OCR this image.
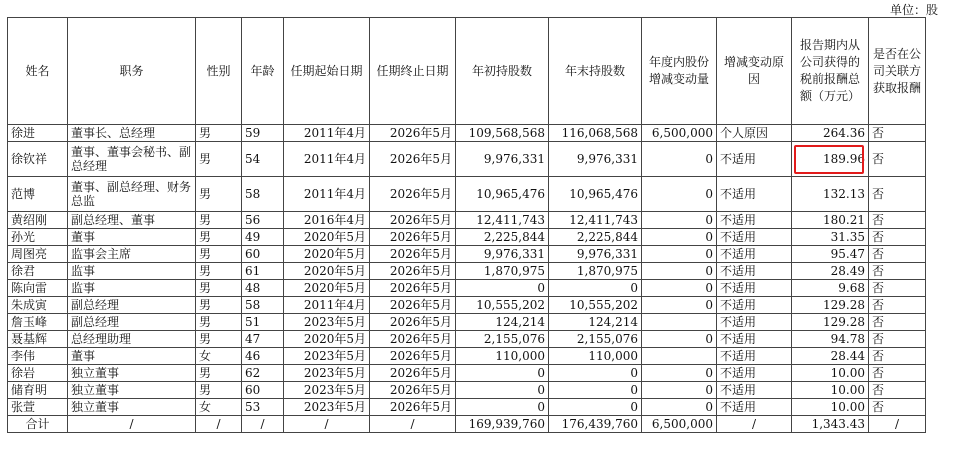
单位：股
姓名	职务	性别	年龄	任期起始日期	任期终止日期	年初持股数	年末持股数	年度内股份增减变动量	增减变动原因	报告期内从公司获得的税前报酬总额（万元）	是否在公司关联方获取报酬
徐进	董事长、总经理	男	59	2011年4月	2026年5月	109,568,568	116,068,568	6,500,000	个人原因	264.36	否
徐钦祥	董事、董事会秘书、副总经理	男	54	2011年4月	2026年5月	9,976,331	9,976,331	0	不适用	189.96	否
范博	董事、副总经理、财务总监	男	58	2011年4月	2026年5月	10,965,476	10,965,476	0	不适用	132.13	否
黄绍刚	副总经理、董事	男	56	2016年4月	2026年5月	12,411,743	12,411,743	0	不适用	180.21	否
孙光	董事	男	49	2020年5月	2026年5月	2,225,844	2,225,844	0	不适用	31.35	否
周图亮	监事会主席	男	60	2020年5月	2026年5月	9,976,331	9,976,331	0	不适用	95.47	否
徐君	监事	男	61	2020年5月	2026年5月	1,870,975	1,870,975	0	不适用	28.49	否
陈向雷	监事	男	48	2020年5月	2026年5月	0	0	0	不适用	9.68	否
朱成寅	副总经理	男	58	2011年4月	2026年5月	10,555,202	10,555,202	0	不适用	129.28	否
詹玉峰	副总经理	男	51	2023年5月	2026年5月	124,214	124,214		不适用	129.28	否
聂基辉	总经理助理	男	47	2020年5月	2026年5月	2,155,076	2,155,076	0	不适用	94.78	否
李伟	董事	女	46	2023年5月	2026年5月	110,000	110,000		不适用	28.44	否
徐岩	独立董事	男	62	2023年5月	2026年5月	0	0	0	不适用	10.00	否
储育明	独立董事	男	60	2023年5月	2026年5月	0	0	0	不适用	10.00	否
张萱	独立董事	女	53	2023年5月	2026年5月	0	0	0	不适用	10.00	否
合计	/	/	/	/	/	169,939,760	176,439,760	6,500,000	/	1,343.43	/
